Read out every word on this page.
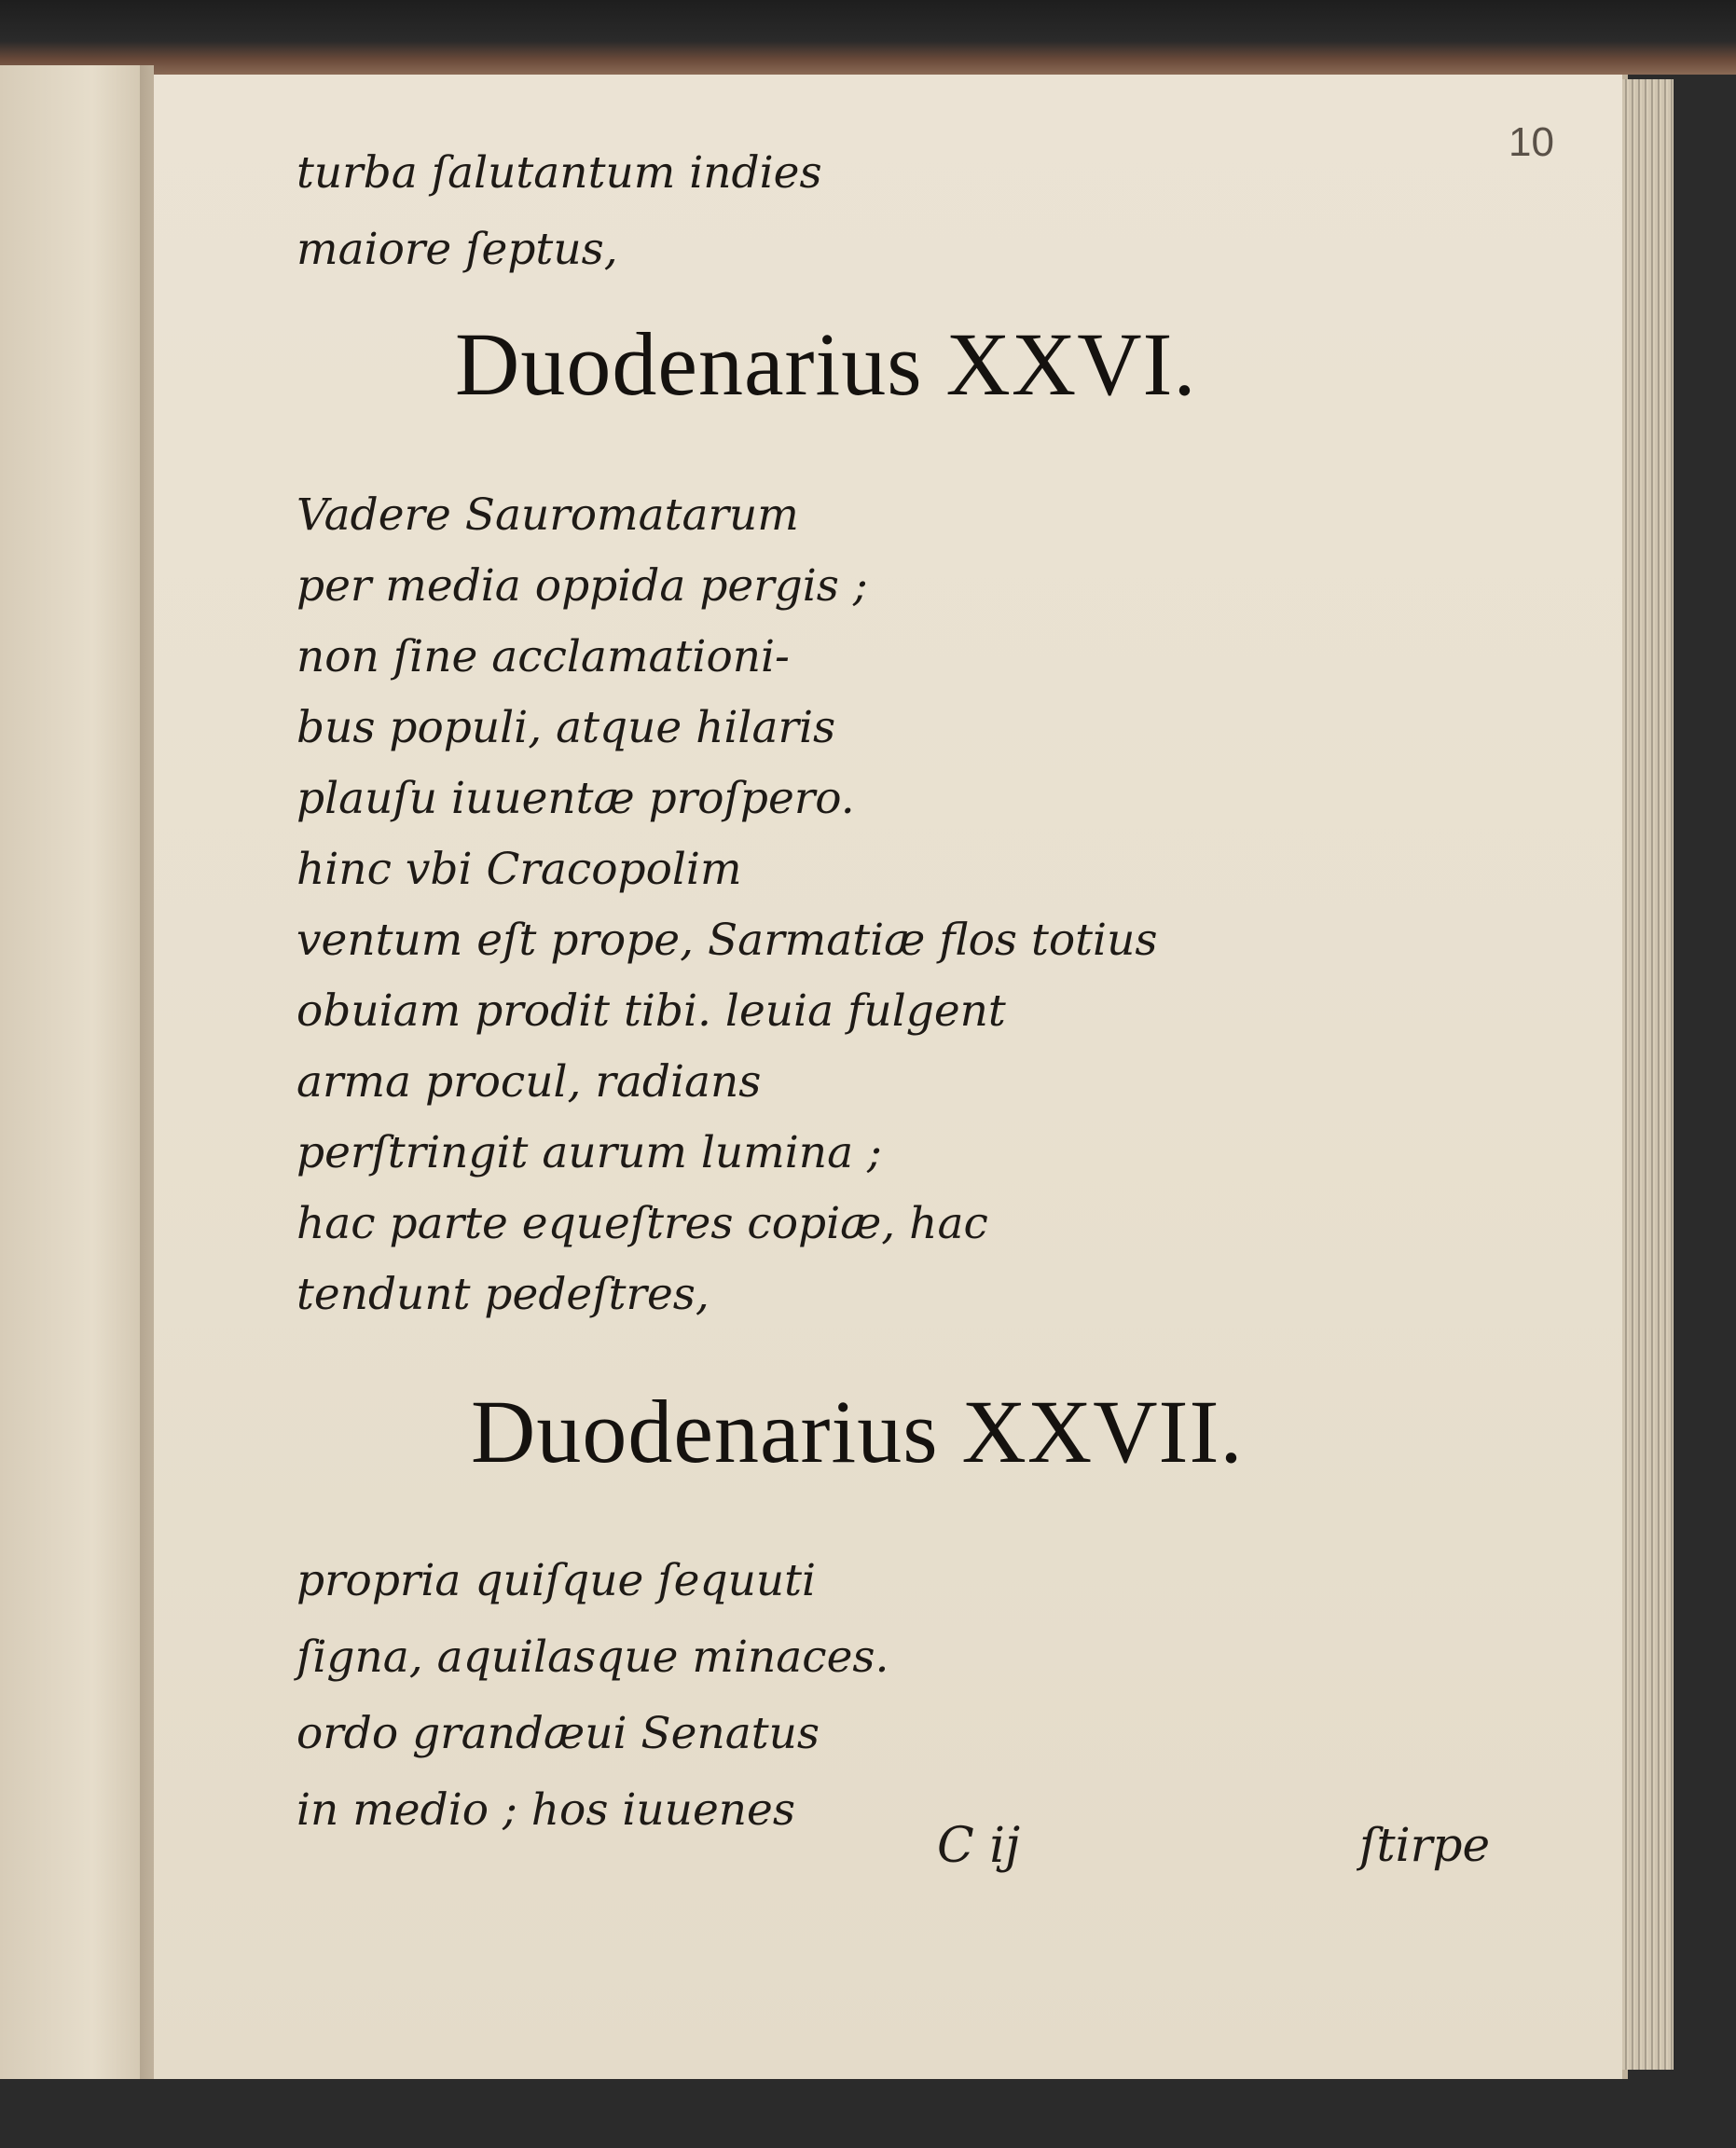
10
turba ſalutantum indies
maiore ſeptus,
Duodenarius XXVI.
Vadere Sauromatarum
per media oppida pergis ;
non ſine acclamationi-
bus populi, atque hilaris
plauſu iuuentæ proſpero.
hinc vbi Cracopolim
ventum eſt prope, Sarmatiæ flos totius
obuiam prodit tibi. leuia fulgent
arma procul, radians
perſtringit aurum lumina ;
hac parte equeſtres copiæ, hac
tendunt pedeſtres,
Duodenarius XXVII.
propria quiſque ſequuti
ſigna, aquilasque minaces.
ordo grandæui Senatus
in medio ; hos iuuenes
C ij	ſtirpe
